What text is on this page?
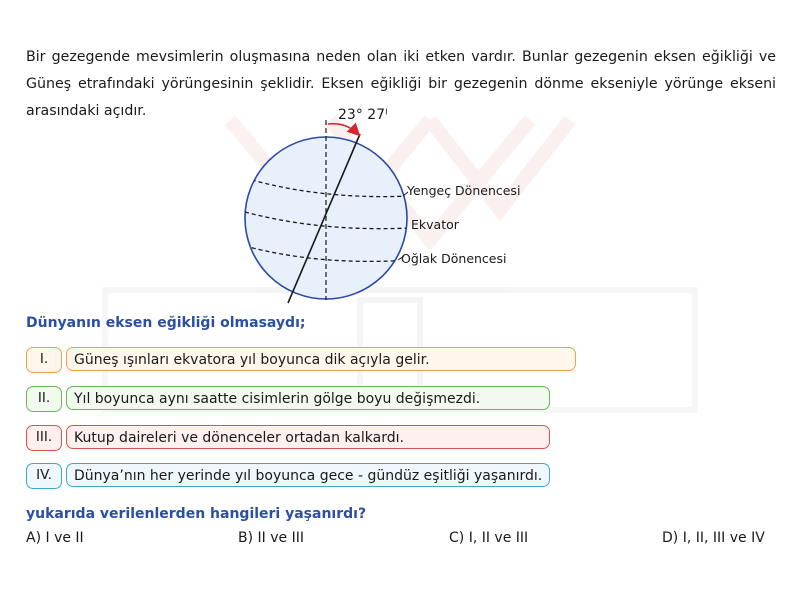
Bir gezegende mevsimlerin oluşmasına neden olan iki etken vardır. Bunlar gezegenin eksen eğikliği ve Güneş etrafındaki yörüngesinin şeklidir. Eksen eğikliği bir gezegenin dönme ekseniyle yörünge ekseni arasındaki açıdır.	23° 27ˡ
Yengeç Dönencesi
Ekvator
Oğlak Dönencesi
Dünyanın eksen eğikliği olmasaydı;
I.	Güneş ışınları ekvatora yıl boyunca dik açıyla gelir.
II.	Yıl boyunca aynı saatte cisimlerin gölge boyu değişmezdi.
III.	Kutup daireleri ve dönenceler ortadan kalkardı.
IV.	Dünya’nın her yerinde yıl boyunca gece - gündüz eşitliği yaşanırdı.
yukarıda verilenlerden hangileri yaşanırdı?
A) I ve II	B) II ve III	C) I, II ve III	D) I, II, III ve IV
